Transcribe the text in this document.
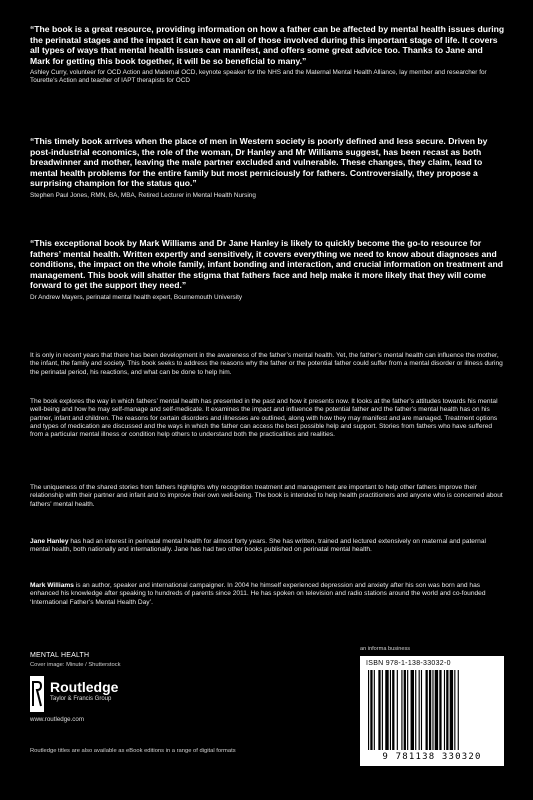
“The book is a great resource, providing information on how a father can be affected by mental health issues during the perinatal stages and the impact it can have on all of those involved during this important stage of life. It covers all types of ways that mental health issues can manifest, and offers some great advice too. Thanks to Jane and Mark for getting this book together, it will be so beneficial to many.”

Ashley Curry, volunteer for OCD Action and Maternal OCD, keynote speaker for the NHS and the Maternal Mental Health Alliance, lay member and researcher for Tourette’s Action and teacher of IAPT therapists for OCD

“This timely book arrives when the place of men in Western society is poorly defined and less secure. Driven by post-industrial economics, the role of the woman, Dr Hanley and Mr Williams suggest, has been recast as both breadwinner and mother, leaving the male partner excluded and vulnerable. These changes, they claim, lead to mental health problems for the entire family but most perniciously for fathers. Controversially, they propose a surprising champion for the status quo.”

Stephen Paul Jones, RMN, BA, MBA, Retired Lecturer in Mental Health Nursing

“This exceptional book by Mark Williams and Dr Jane Hanley is likely to quickly become the go-to resource for fathers’ mental health. Written expertly and sensitively, it covers everything we need to know about diagnoses and conditions, the impact on the whole family, infant bonding and interaction, and crucial information on treatment and management. This book will shatter the stigma that fathers face and help make it more likely that they will come forward to get the support they need.”

Dr Andrew Mayers, perinatal mental health expert, Bournemouth University

It is only in recent years that there has been development in the awareness of the father’s mental health. Yet, the father’s mental health can influence the mother, the infant, the family and society. This book seeks to address the reasons why the father or the potential father could suffer from a mental disorder or illness during the perinatal period, his reactions, and what can be done to help him.

The book explores the way in which fathers’ mental health has presented in the past and how it presents now. It looks at the father’s attitudes towards his mental well-being and how he may self-manage and self-medicate. It examines the impact and influence the potential father and the father’s mental health has on his partner, infant and children. The reasons for certain disorders and illnesses are outlined, along with how they may manifest and are managed. Treatment options and types of medication are discussed and the ways in which the father can access the best possible help and support. Stories from fathers who have suffered from a particular mental illness or condition help others to understand both the practicalities and realities.

The uniqueness of the shared stories from fathers highlights why recognition treatment and management are important to help other fathers improve their relationship with their partner and infant and to improve their own well-being. The book is intended to help health practitioners and anyone who is concerned about fathers’ mental health.

Jane Hanley has had an interest in perinatal mental health for almost forty years. She has written, trained and lectured extensively on maternal and paternal mental health, both nationally and internationally. Jane has had two other books published on perinatal mental health.

Mark Williams is an author, speaker and international campaigner. In 2004 he himself experienced depression and anxiety after his son was born and has enhanced his knowledge after speaking to hundreds of parents since 2011. He has spoken on television and radio stations around the world and co-founded ‘International Father’s Mental Health Day’.

MENTAL HEALTH
Cover image: Minute / Shutterstock
Routledge
Taylor & Francis Group
www.routledge.com
Routledge titles are also available as eBook editions in a range of digital formats
an informa business
ISBN 978-1-138-33032-0
9 781138 330320
